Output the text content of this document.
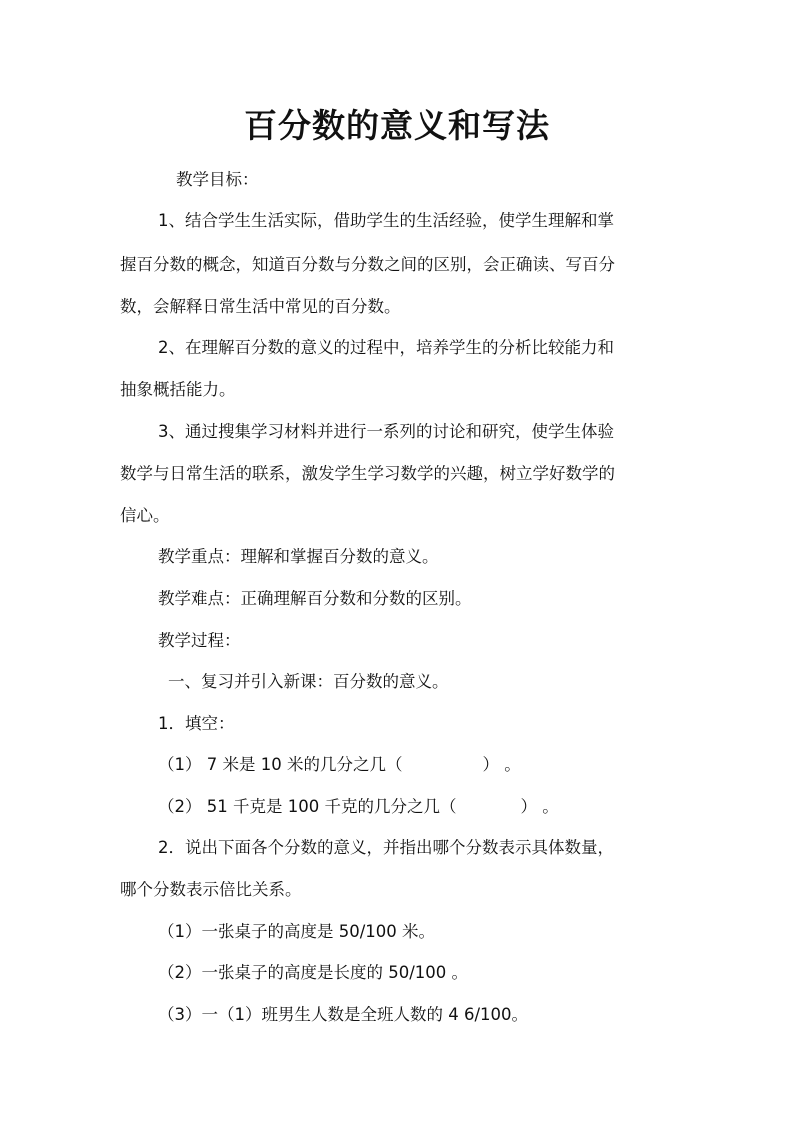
百分数的意义和写法
教学目标：
1、结合学生生活实际，借助学生的生活经验，使学生理解和掌
握百分数的概念，知道百分数与分数之间的区别，会正确读、写百分
数，会解释日常生活中常见的百分数。
2、在理解百分数的意义的过程中，培养学生的分析比较能力和
抽象概括能力。
3、通过搜集学习材料并进行一系列的讨论和研究，使学生体验
数学与日常生活的联系，激发学生学习数学的兴趣，树立学好数学的
信心。
教学重点：理解和掌握百分数的意义。
教学难点：正确理解百分数和分数的区别。
教学过程：
一、复习并引入新课：百分数的意义。
1．填空：
（1） 7 米是 10 米的几分之几（	） 。
（2） 51 千克是 100 千克的几分之几（	） 。
2．说出下面各个分数的意义，并指出哪个分数表示具体数量，
哪个分数表示倍比关系。
（1）一张桌子的高度是 50/100 米。
（2）一张桌子的高度是长度的 50/100 。
（3）一（1）班男生人数是全班人数的 4 6/100。
